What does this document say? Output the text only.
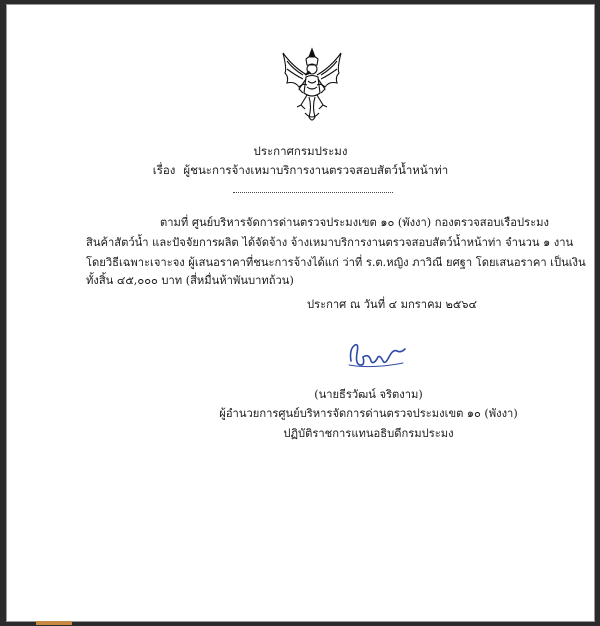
ประกาศกรมประมง
เรื่อง ผู้ชนะการจ้างเหมาบริการงานตรวจสอบสัตว์น้ำหน้าท่า
ตามที่ ศูนย์บริหารจัดการด่านตรวจประมงเขต ๑๐ (พังงา) กองตรวจสอบเรือประมง
สินค้าสัตว์น้ำ และปัจจัยการผลิต ได้จัดจ้าง จ้างเหมาบริการงานตรวจสอบสัตว์น้ำหน้าท่า จำนวน ๑ งาน
โดยวิธีเฉพาะเจาะจง ผู้เสนอราคาที่ชนะการจ้างได้แก่ ว่าที่ ร.ต.หญิง ภาวิณี ยศฐา โดยเสนอราคา เป็นเงิน
ทั้งสิ้น ๔๕,๐๐๐ บาท (สี่หมื่นห้าพันบาทถ้วน)
ประกาศ ณ วันที่ ๔ มกราคม ๒๕๖๔
(นายธีรวัฒน์ จริตงาม)
ผู้อำนวยการศูนย์บริหารจัดการด่านตรวจประมงเขต ๑๐ (พังงา)
ปฏิบัติราชการแทนอธิบดีกรมประมง
